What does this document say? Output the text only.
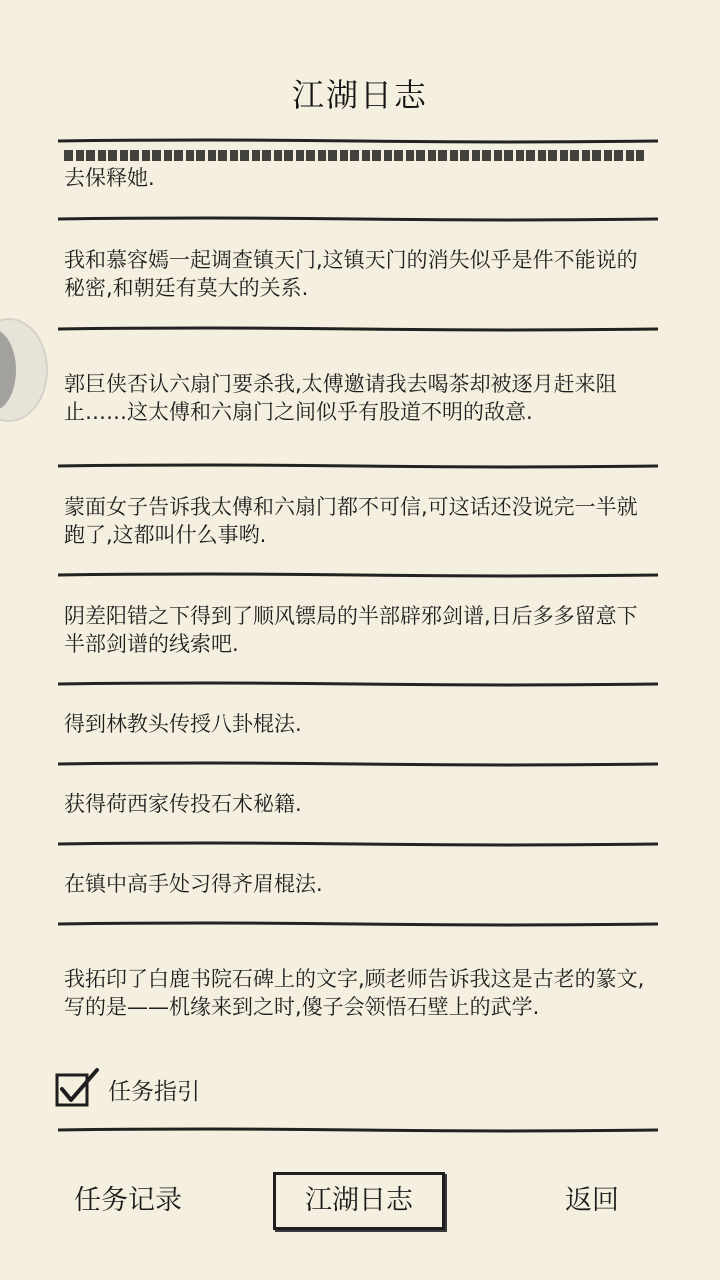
江湖日志
去保释她.
我和慕容嫣一起调查镇天门,这镇天门的消失似乎是件不能说的秘密,和朝廷有莫大的关系.
郭巨侠否认六扇门要杀我,太傅邀请我去喝茶却被逐月赶来阻止……这太傅和六扇门之间似乎有股道不明的敌意.
蒙面女子告诉我太傅和六扇门都不可信,可这话还没说完一半就跑了,这都叫什么事哟.
阴差阳错之下得到了顺风镖局的半部辟邪剑谱,日后多多留意下半部剑谱的线索吧.
得到林教头传授八卦棍法.
获得荷西家传投石术秘籍.
在镇中高手处习得齐眉棍法.
我拓印了白鹿书院石碑上的文字,顾老师告诉我这是古老的篆文,写的是——机缘来到之时,傻子会领悟石壁上的武学.
任务指引
任务记录	江湖日志	返回
